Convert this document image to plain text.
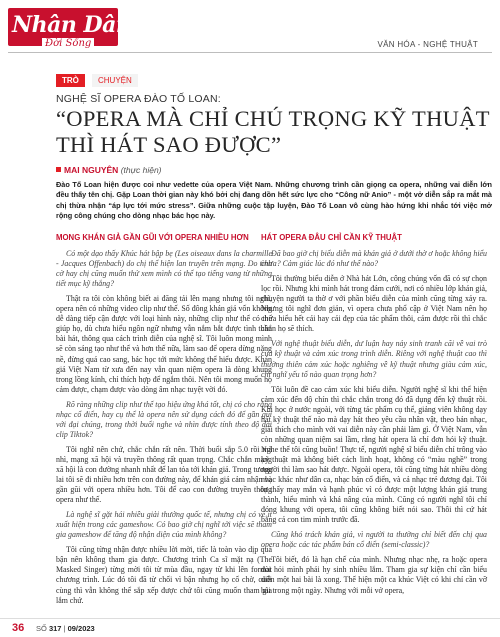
Nhân Dân
Đời Sống	VĂN HÓA - NGHỆ THUẬT
TRÒ	CHUYỆN
NGHỆ SĨ OPERA ĐÀO TỐ LOAN:
“OPERA MÀ CHỈ CHÚ TRỌNG KỸ THUẬT
THÌ HÁT SAO ĐƯỢC”
MAI NGUYÊN (thực hiện)
Đào Tố Loan hiện được coi như vedette của opera Việt Nam. Những chương trình cần giọng ca opera, những vai diễn lớn đều thấy tên chị. Gặp Loan thời gian này khó bởi chị đang dồn hết sức lực cho “Công nữ Anio” - một vở diễn sắp ra mắt mà chị thừa nhận “áp lực tới mức stress”. Giữa những cuộc tập luyện, Đào Tố Loan vô cùng hào hứng khi nhắc tới việc mở rộng công chúng cho dòng nhạc bác học này.
MONG KHÁN GIẢ GẦN GŨI VỚI OPERA NHIỀU HƠN

Có một dạo thấy Khúc hát bập bẹ (Les oiseaux dans la charmille - Jacques Offenbach) do chị thể hiện lan truyền trên mạng. Do tình cờ hay chị cũng muốn thử xem mình có thể tạo tiếng vang từ những tiết mục kỹ thắng?

Thật ra tôi còn không biết ai đăng tải lên mạng nhưng tôi nghĩ, opera nên có những video clip như thế. Số đông khán giả vốn không dễ dàng tiếp cận được với loại hình này, những clip như thế có thể giúp họ, dù chưa hiểu ngôn ngữ nhưng vẫn nắm bắt được tình thần bài hát, thông qua cách trình diễn của nghệ sĩ. Tôi luôn mong mình sẽ còn sáng tạo như thế và hơn thế nữa, làm sao để opera dừng nặng nề, đừng quá cao sang, bác học tới mức không thể hiểu được. Khán giả Việt Nam từ xưa đến nay vẫn quan niệm opera là dòng khung trong lồng kính, chỉ thích hợp để ngắm thôi. Nên tôi mong muốn họ cảm được, chạm được vào dòng âm nhạc tuyệt vời đó.

Rõ ràng những clip như thế tạo hiệu ứng khá tốt, chị có cho rằng nhạc cổ điển, hay cụ thể là opera nên sử dụng cách đó để gần gũi với đại chúng, trong thời buổi nghe và nhìn được tính theo độ dài clip Tiktok?

Tôi nghĩ nên chứ, chắc chắn rất nên. Thời buổi sắp 5.0 rồi mà nhì, mạng xã hội và truyền thông rất quan trọng. Chắc chắn mạng xã hội là con đường nhanh nhất để lan tỏa tới khán giả. Trong tương lai tôi sẽ đi nhiều hơn trên con đường này, để khán giả cảm nhận và gần gũi với opera nhiều hơn. Tôi để cao con đường truyền thông opera như thế.

Là nghệ sĩ gặt hái nhiều giải thưởng quốc tế, nhưng chị có vẻ ít xuất hiện trong các gameshow. Có bao giờ chị nghĩ tới việc sẽ tham gia gameshow để tăng độ nhận diện của mình không?

Tôi cũng từng nhận được nhiều lời mời, tiếc là toàn vào dịp quá bận nên không tham gia được. Chương trình Ca sĩ mặt nạ (The Masked Singer) từng mời tôi từ mùa đầu, ngay từ khi lên format chương trình. Lúc đó tôi đã từ chối vì bận nhưng họ cố chờ, cuối cùng thì vẫn không thể sắp xếp được chứ tôi cũng muốn tham gia lắm chứ.

HÁT OPERA ĐÂU CHỈ CẦN KỸ THUẬT

Đã bao giờ chị biểu diễn mà khán giả ở dưới thờ ơ hoặc không hiểu chưa? Cảm giác lúc đó như thế nào?

Tôi thường biểu diễn ở Nhà hát Lớn, công chúng vốn đã có sự chọn lọc rồi. Nhưng khi mình hát trong đám cưới, nơi có nhiều lớp khán giả, chuyện người ta thờ ơ với phần biểu diễn của mình cũng từng xảy ra. Nhưng tôi nghĩ đơn giản, vì opera chưa phổ cập ở Việt Nam nên họ chưa hiểu hết cái hay cái đẹp của tác phẩm thôi, cảm được rồi thì chắc chắn họ sẽ thích.

Với nghệ thuật biểu diễn, dư luận hay nảy sinh tranh cãi về vai trò của kỹ thuật và cảm xúc trong trình diễn. Riêng với nghệ thuật cao thì thường thiên cảm xúc hoặc nghiêng về kỹ thuật nhưng giàu cảm xúc, chị nghĩ yếu tố nào quan trọng hơn?

Tôi luôn đề cao cảm xúc khi biểu diễn. Người nghệ sĩ khi thể hiện cảm xúc đến độ chín thì chắc chắn trong đó đã dụng đến kỹ thuật rồi. Khi học ở nước ngoài, với từng tác phẩm cụ thể, giảng viên không dạy hát kỹ thuật thế nào mà dạy hát theo yêu cầu nhân vật, theo bản nhạc, giải thích cho mình với vai diễn này cần phải làm gì. Ở Việt Nam, vẫn còn những quan niệm sai lầm, rằng hát opera là chỉ đơn hói kỹ thuật. Nghe thế tôi cũng buồn! Thực tế, người nghệ sĩ biểu diễn chỉ trông vào kỹ thuật mà không biết cách linh hoạt, không có “màu nghề” trong người thì làm sao hát được. Ngoài opera, tôi cũng từng hát nhiều dòng nhạc khác như dân ca, nhạc bán cổ điển, và cả nhạc trẻ đương đại. Tôi tự thấy may mắn và hạnh phúc vì có được một lượng khán giả trung thành, hiểu mình và khá nâng của mình. Cũng có người nghĩ tôi chỉ đóng khung với opera, tôi cũng không biết nói sao. Thôi thì cứ hát bằng cả con tim mình trước đã.

Cũng khó trách khán giả, vì người ta thường chỉ biết đến chị qua opera hoặc các tác phẩm bán cổ điển (semi-classic)?

Tôi biết, đó là hạn chế của mình. Nhưng nhạc nhẹ, ra hoặc opera đòi hỏi mình phải hy sinh nhiều lắm. Tham gia sự kiện chỉ cần biểu diễn một hai bài là xong. Thế hiện một ca khúc Việt có khi chỉ cần vỡ bài trong một ngày. Nhưng với mỗi vở opera,

36 SỐ 317 | 09/2023
